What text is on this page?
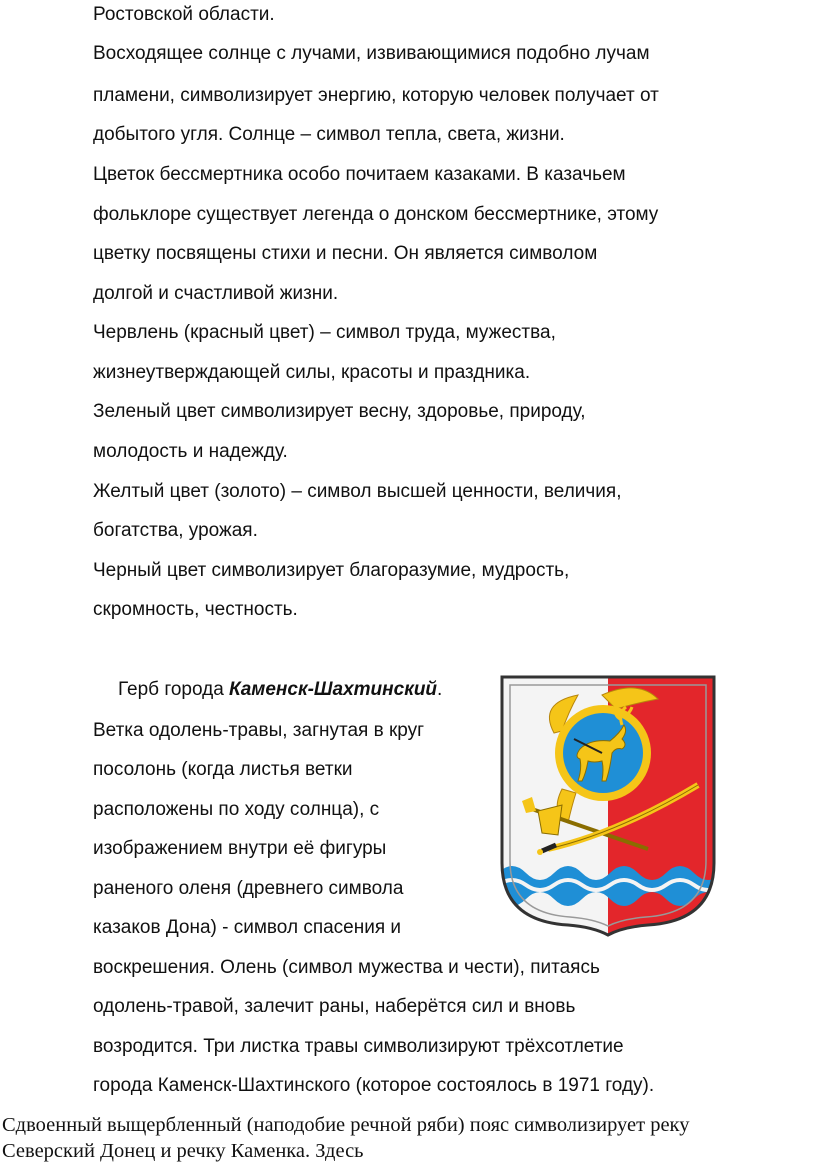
Ростовской области.
Восходящее солнце с лучами, извивающимися подобно лучам
пламени, символизирует энергию, которую человек получает от
добытого угля. Солнце – символ тепла, света, жизни.
Цветок бессмертника особо почитаем казаками. В казачьем
фольклоре существует легенда о донском бессмертнике, этому
цветку посвящены стихи и песни. Он является символом
долгой и счастливой жизни.
Червлень (красный цвет) – символ труда, мужества,
жизнеутверждающей силы, красоты и праздника.
Зеленый цвет символизирует весну, здоровье, природу,
молодость и надежду.
Желтый цвет (золото) – символ высшей ценности, величия,
богатства, урожая.
Черный цвет символизирует благоразумие, мудрость,
скромность, честность.
Герб города Каменск-Шахтинский.
Ветка одолень-травы, загнутая в круг
посолонь (когда листья ветки
расположены по ходу солнца), с
изображением внутри её фигуры
раненого оленя (древнего символа
казаков Дона) - символ спасения и
воскрешения. Олень (символ мужества и чести), питаясь
одолень-травой, залечит раны, наберётся сил и вновь
возродится. Три листка травы символизируют трёхсотлетие
города Каменск-Шахтинского (которое состоялось в 1971 году).
Сдвоенный выщербленный (наподобие речной ряби) пояс символизирует реку
Северский Донец и речку Каменка. Здесь
